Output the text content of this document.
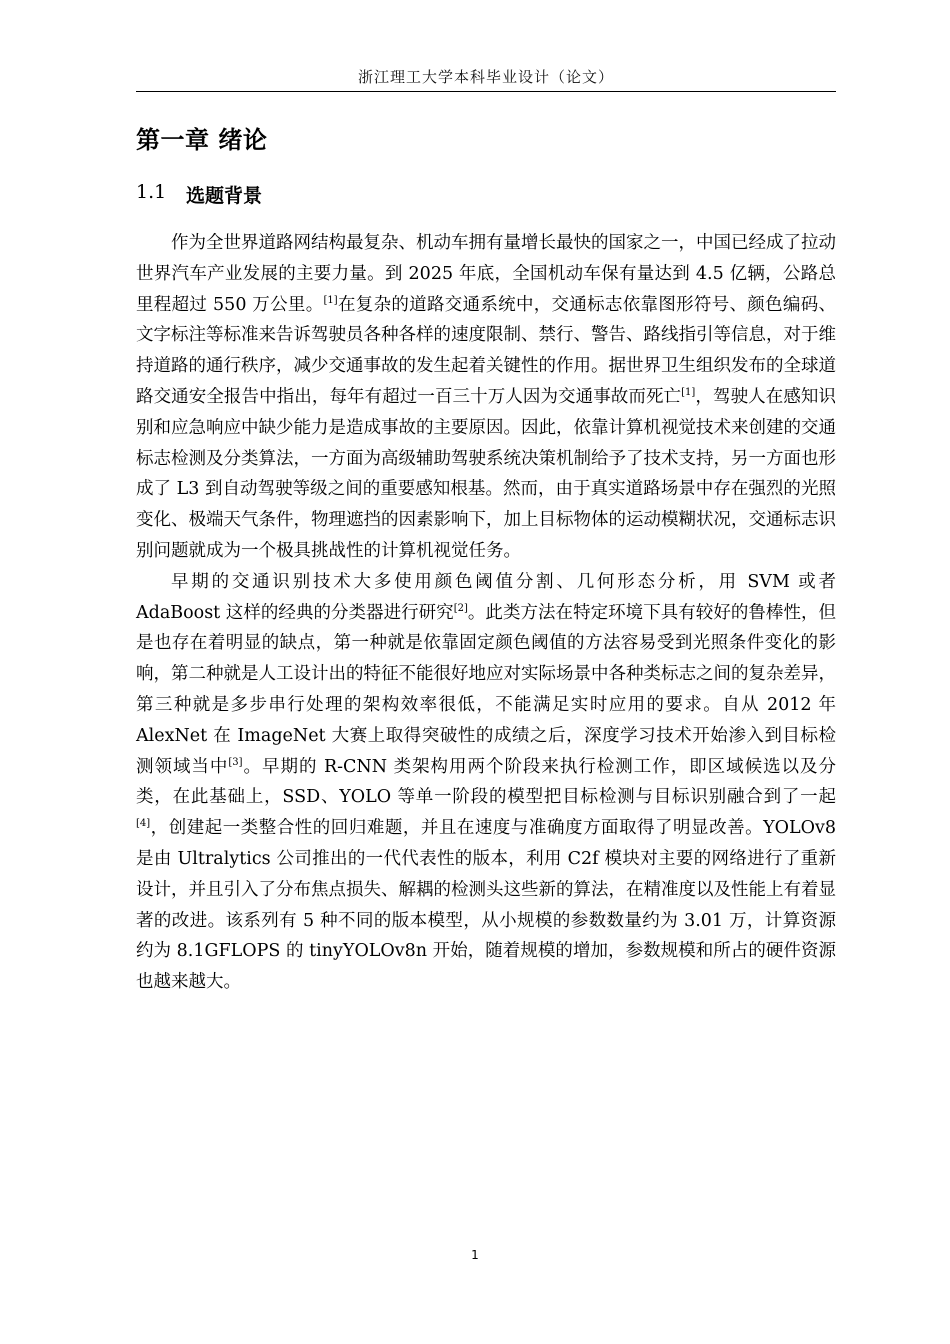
浙江理工大学本科毕业设计（论文）
第一章 绪论
1.1	选题背景

作为全世界道路网结构最复杂、机动车拥有量增长最快的国家之一，中国已经成了拉动世界汽车产业发展的主要力量。到 2025 年底，全国机动车保有量达到 4.5 亿辆，公路总里程超过 550 万公里。[1]在复杂的道路交通系统中，交通标志依靠图形符号、颜色编码、文字标注等标准来告诉驾驶员各种各样的速度限制、禁行、警告、路线指引等信息，对于维持道路的通行秩序，减少交通事故的发生起着关键性的作用。据世界卫生组织发布的全球道路交通安全报告中指出，每年有超过一百三十万人因为交通事故而死亡[1]，驾驶人在感知识别和应急响应中缺少能力是造成事故的主要原因。因此，依靠计算机视觉技术来创建的交通标志检测及分类算法，一方面为高级辅助驾驶系统决策机制给予了技术支持，另一方面也形成了 L3 到自动驾驶等级之间的重要感知根基。然而，由于真实道路场景中存在强烈的光照变化、极端天气条件，物理遮挡的因素影响下，加上目标物体的运动模糊状况，交通标志识别问题就成为一个极具挑战性的计算机视觉任务。

早期的交通识别技术大多使用颜色阈值分割、几何形态分析，用 SVM 或者 AdaBoost 这样的经典的分类器进行研究[2]。此类方法在特定环境下具有较好的鲁棒性，但是也存在着明显的缺点，第一种就是依靠固定颜色阈值的方法容易受到光照条件变化的影响，第二种就是人工设计出的特征不能很好地应对实际场景中各种类标志之间的复杂差异，第三种就是多步串行处理的架构效率很低，不能满足实时应用的要求。自从 2012 年 AlexNet 在 ImageNet 大赛上取得突破性的成绩之后，深度学习技术开始渗入到目标检测领域当中[3]。早期的 R-CNN 类架构用两个阶段来执行检测工作，即区域候选以及分类，在此基础上，SSD、YOLO 等单一阶段的模型把目标检测与目标识别融合到了一起[4]，创建起一类整合性的回归难题，并且在速度与准确度方面取得了明显改善。YOLOv8 是由 Ultralytics 公司推出的一代代表性的版本，利用 C2f 模块对主要的网络进行了重新设计，并且引入了分布焦点损失、解耦的检测头这些新的算法，在精准度以及性能上有着显著的改进。该系列有 5 种不同的版本模型，从小规模的参数数量约为 3.01 万，计算资源约为 8.1GFLOPS 的 tinyYOLOv8n 开始，随着规模的增加，参数规模和所占的硬件资源也越来越大。

1
